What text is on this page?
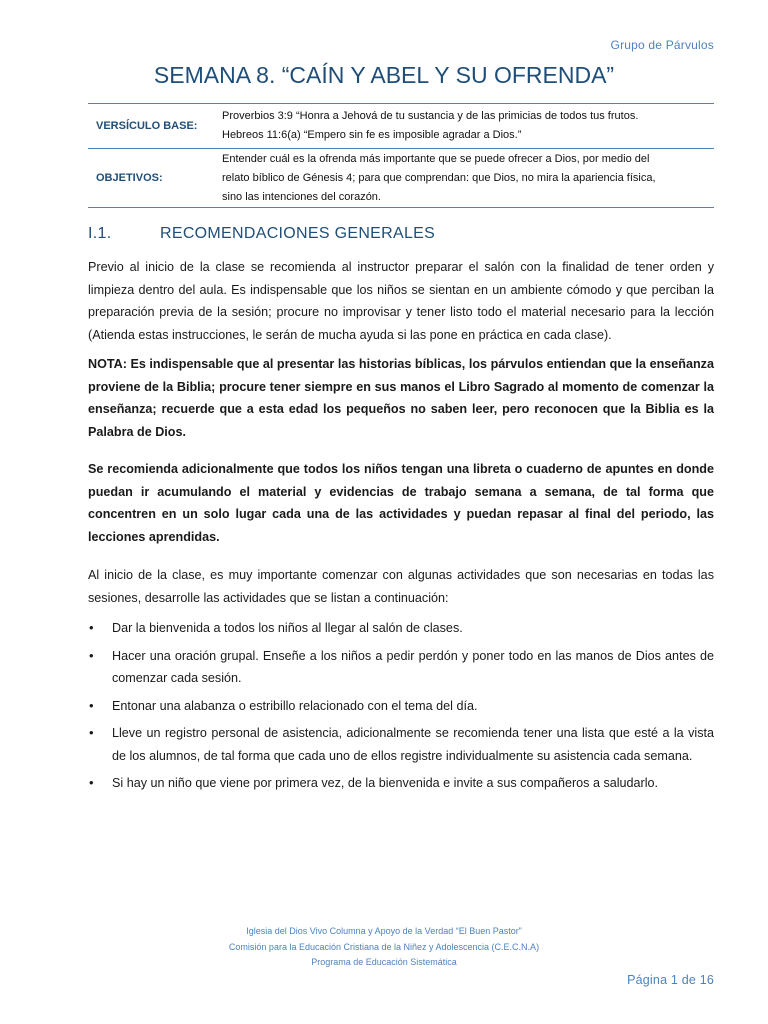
Grupo de Párvulos
SEMANA 8. “CAÍN Y ABEL Y SU OFRENDA”
VERSÍCULO BASE:	Proverbios 3:9 “Honra a Jehová de tu sustancia y de las primicias de todos tus frutos.
Hebreos 11:6(a) “Empero sin fe es imposible agradar a Dios.”

OBJETIVOS:	Entender cuál es la ofrenda más importante que se puede ofrecer a Dios, por medio del
relato bíblico de Génesis 4; para que comprendan: que Dios, no mira la apariencia física,
sino las intenciones del corazón.
I.1.	RECOMENDACIONES GENERALES

Previo al inicio de la clase se recomienda al instructor preparar el salón con la finalidad de tener orden y limpieza dentro del aula. Es indispensable que los niños se sientan en un ambiente cómodo y que perciban la preparación previa de la sesión; procure no improvisar y tener listo todo el material necesario para la lección (Atienda estas instrucciones, le serán de mucha ayuda si las pone en práctica en cada clase).

NOTA: Es indispensable que al presentar las historias bíblicas, los párvulos entiendan que la enseñanza proviene de la Biblia; procure tener siempre en sus manos el Libro Sagrado al momento de comenzar la enseñanza; recuerde que a esta edad los pequeños no saben leer, pero reconocen que la Biblia es la Palabra de Dios.

Se recomienda adicionalmente que todos los niños tengan una libreta o cuaderno de apuntes en donde puedan ir acumulando el material y evidencias de trabajo semana a semana, de tal forma que concentren en un solo lugar cada una de las actividades y puedan repasar al final del periodo, las lecciones aprendidas.

Al inicio de la clase, es muy importante comenzar con algunas actividades que son necesarias en todas las sesiones, desarrolle las actividades que se listan a continuación:

• Dar la bienvenida a todos los niños al llegar al salón de clases.
• Hacer una oración grupal. Enseñe a los niños a pedir perdón y poner todo en las manos de Dios antes de comenzar cada sesión.
• Entonar una alabanza o estribillo relacionado con el tema del día.
• Lleve un registro personal de asistencia, adicionalmente se recomienda tener una lista que esté a la vista de los alumnos, de tal forma que cada uno de ellos registre individualmente su asistencia cada semana.
• Si hay un niño que viene por primera vez, de la bienvenida e invite a sus compañeros a saludarlo.
Iglesia del Dios Vivo Columna y Apoyo de la Verdad “El Buen Pastor”
Comisión para la Educación Cristiana de la Niñez y Adolescencia (C.E.C.N.A)
Programa de Educación Sistemática
Página 1 de 16
